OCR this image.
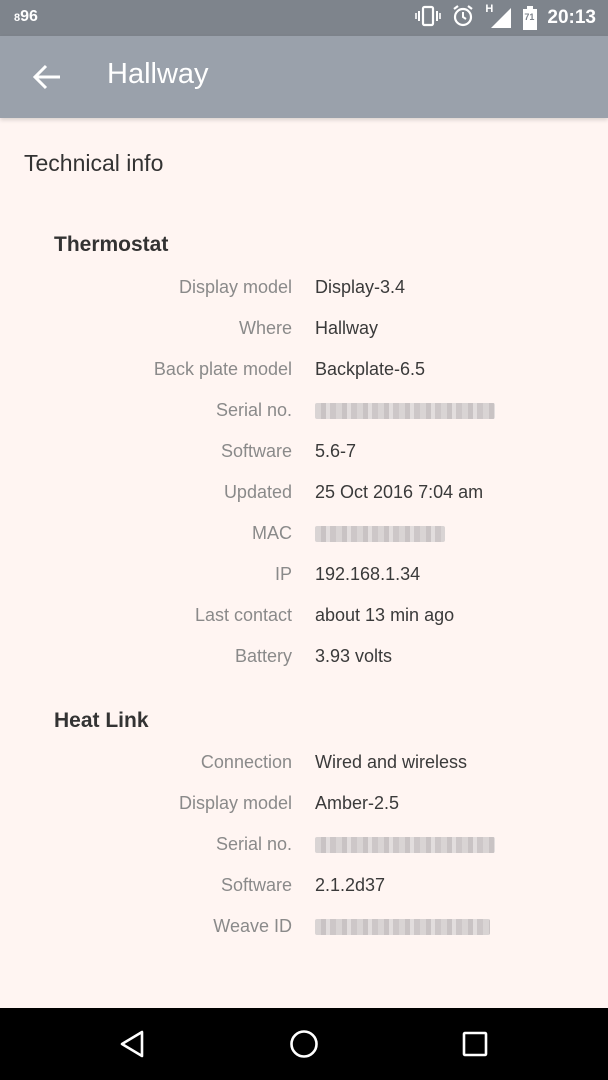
896	H
71 20:13
Hallway
Technical info
Thermostat
Display model Display-3.4
Where Hallway
Back plate model Backplate-6.5
Serial no.
Software 5.6-7
Updated 25 Oct 2016 7:04 am
MAC
IP 192.168.1.34
Last contact about 13 min ago
Battery 3.93 volts
Heat Link
Connection Wired and wireless
Display model Amber-2.5
Serial no.
Software 2.1.2d37
Weave ID
